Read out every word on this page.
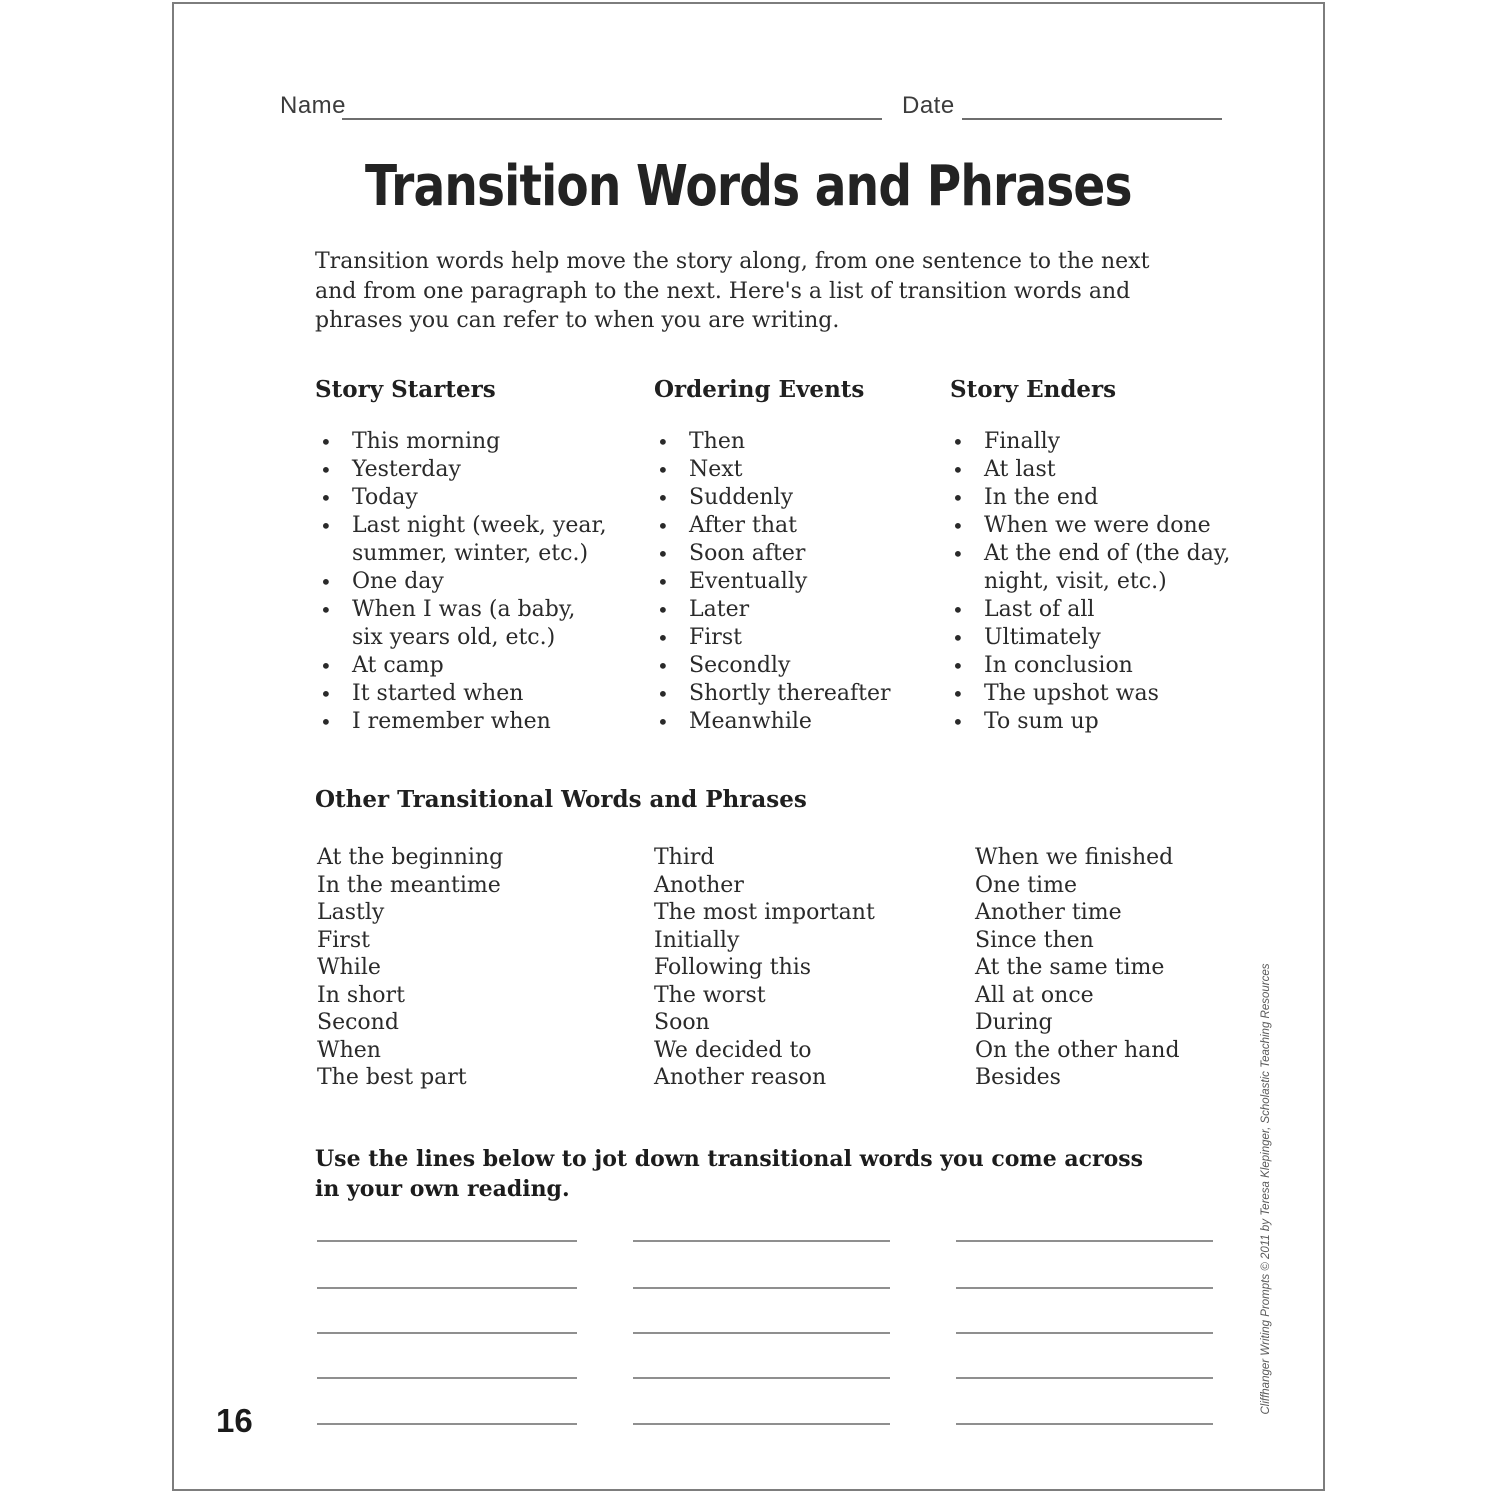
Name	Date
Transition Words and Phrases
Transition words help move the story along, from one sentence to the next and from one paragraph to the next. Here's a list of transition words and phrases you can refer to when you are writing.
Story Starters	Ordering Events	Story Enders
• This morning
• Yesterday
• Today
• Last night (week, year, summer, winter, etc.)
• One day
• When I was (a baby, six years old, etc.)
• At camp
• It started when
• I remember when
• Then
• Next
• Suddenly
• After that
• Soon after
• Eventually
• Later
• First
• Secondly
• Shortly thereafter
• Meanwhile
• Finally
• At last
• In the end
• When we were done
• At the end of (the day, night, visit, etc.)
• Last of all
• Ultimately
• In conclusion
• The upshot was
• To sum up
Other Transitional Words and Phrases
At the beginning
In the meantime
Lastly
First
While
In short
Second
When
The best part
Third
Another
The most important
Initially
Following this
The worst
Soon
We decided to
Another reason
When we finished
One time
Another time
Since then
At the same time
All at once
During
On the other hand
Besides
Use the lines below to jot down transitional words you come across in your own reading.
16
Cliffhanger Writing Prompts © 2011 by Teresa Klepinger, Scholastic Teaching Resources
